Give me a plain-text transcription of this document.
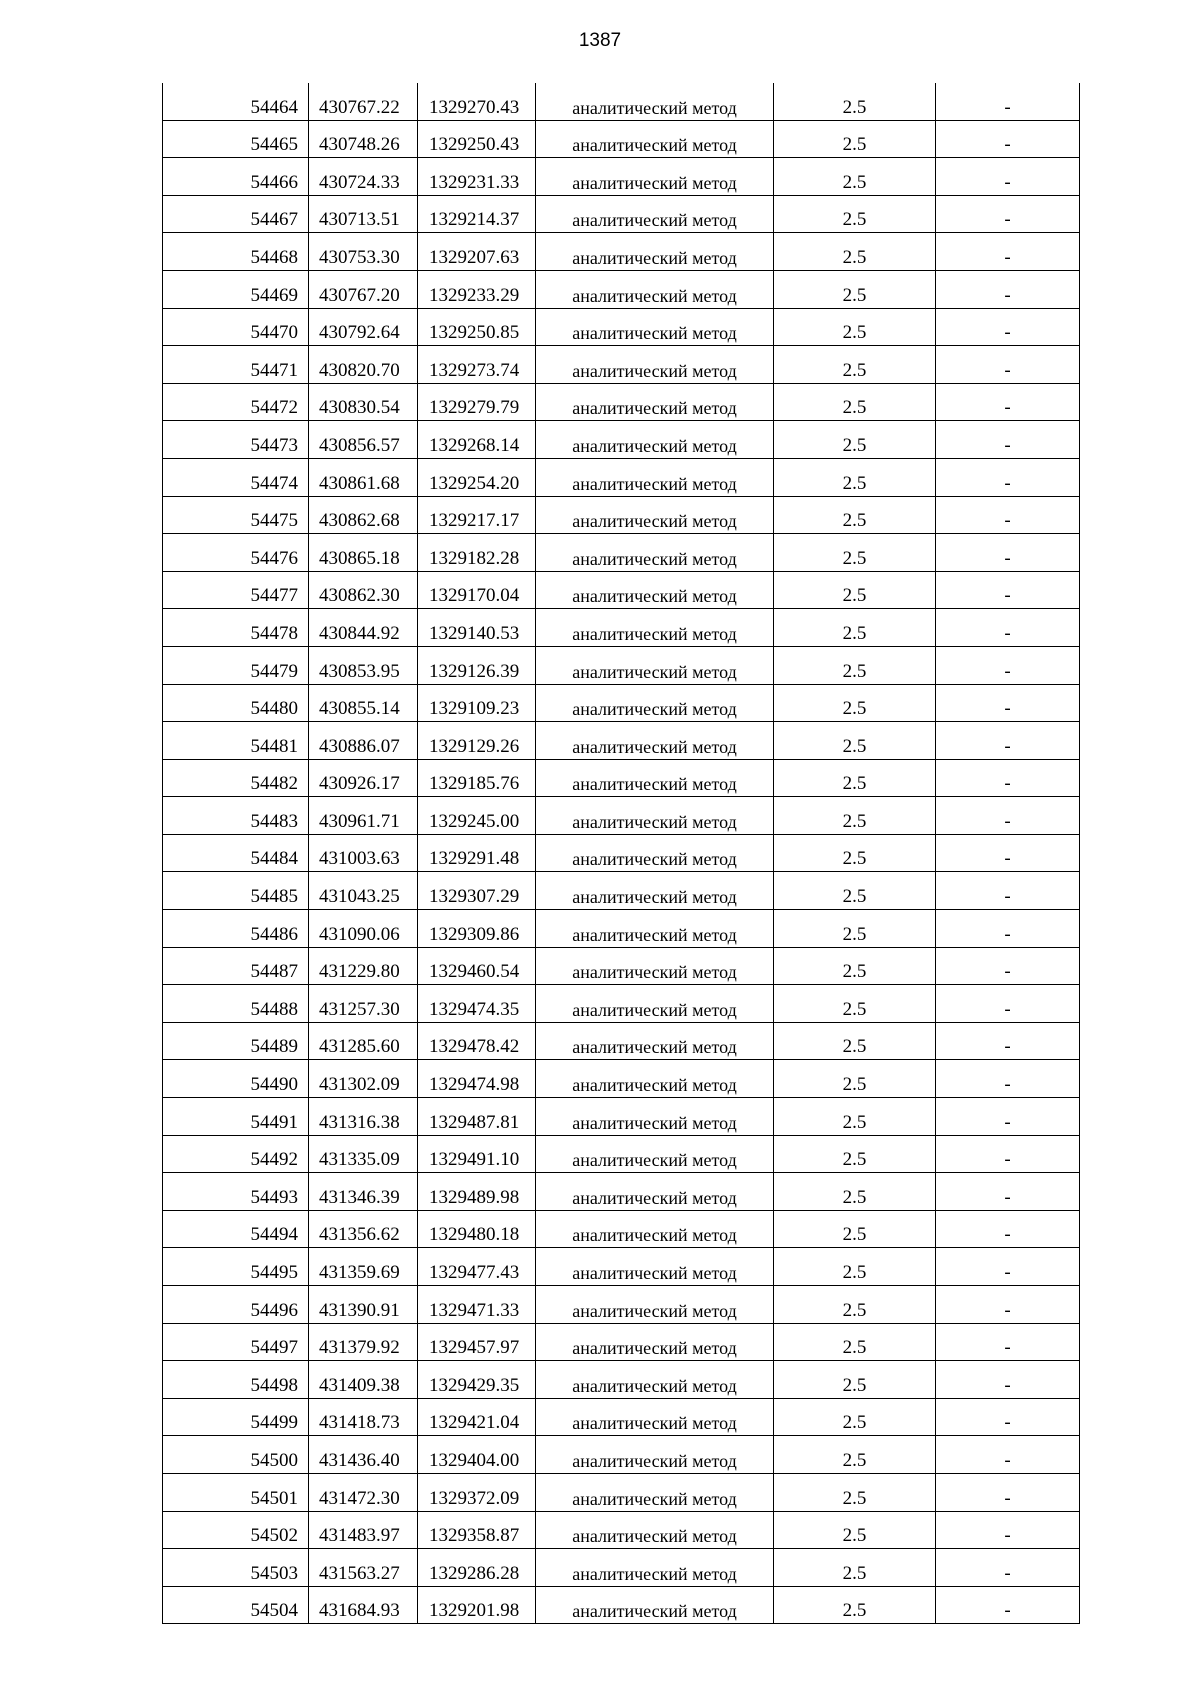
1387
54464	430767.22	1329270.43	аналитический метод	2.5	-
54465	430748.26	1329250.43	аналитический метод	2.5	-
54466	430724.33	1329231.33	аналитический метод	2.5	-
54467	430713.51	1329214.37	аналитический метод	2.5	-
54468	430753.30	1329207.63	аналитический метод	2.5	-
54469	430767.20	1329233.29	аналитический метод	2.5	-
54470	430792.64	1329250.85	аналитический метод	2.5	-
54471	430820.70	1329273.74	аналитический метод	2.5	-
54472	430830.54	1329279.79	аналитический метод	2.5	-
54473	430856.57	1329268.14	аналитический метод	2.5	-
54474	430861.68	1329254.20	аналитический метод	2.5	-
54475	430862.68	1329217.17	аналитический метод	2.5	-
54476	430865.18	1329182.28	аналитический метод	2.5	-
54477	430862.30	1329170.04	аналитический метод	2.5	-
54478	430844.92	1329140.53	аналитический метод	2.5	-
54479	430853.95	1329126.39	аналитический метод	2.5	-
54480	430855.14	1329109.23	аналитический метод	2.5	-
54481	430886.07	1329129.26	аналитический метод	2.5	-
54482	430926.17	1329185.76	аналитический метод	2.5	-
54483	430961.71	1329245.00	аналитический метод	2.5	-
54484	431003.63	1329291.48	аналитический метод	2.5	-
54485	431043.25	1329307.29	аналитический метод	2.5	-
54486	431090.06	1329309.86	аналитический метод	2.5	-
54487	431229.80	1329460.54	аналитический метод	2.5	-
54488	431257.30	1329474.35	аналитический метод	2.5	-
54489	431285.60	1329478.42	аналитический метод	2.5	-
54490	431302.09	1329474.98	аналитический метод	2.5	-
54491	431316.38	1329487.81	аналитический метод	2.5	-
54492	431335.09	1329491.10	аналитический метод	2.5	-
54493	431346.39	1329489.98	аналитический метод	2.5	-
54494	431356.62	1329480.18	аналитический метод	2.5	-
54495	431359.69	1329477.43	аналитический метод	2.5	-
54496	431390.91	1329471.33	аналитический метод	2.5	-
54497	431379.92	1329457.97	аналитический метод	2.5	-
54498	431409.38	1329429.35	аналитический метод	2.5	-
54499	431418.73	1329421.04	аналитический метод	2.5	-
54500	431436.40	1329404.00	аналитический метод	2.5	-
54501	431472.30	1329372.09	аналитический метод	2.5	-
54502	431483.97	1329358.87	аналитический метод	2.5	-
54503	431563.27	1329286.28	аналитический метод	2.5	-
54504	431684.93	1329201.98	аналитический метод	2.5	-
